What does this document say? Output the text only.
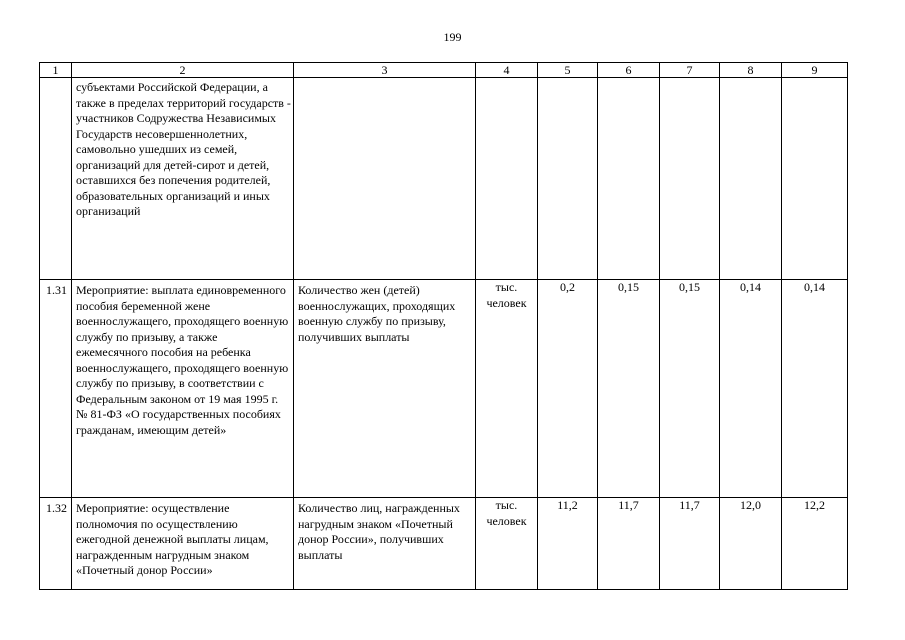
199
1	2	3	4	5	6	7	8	9
	субъектами Российской Федерации, а также в пределах территорий государств - участников Содружества Независимых Государств несовершеннолетних, самовольно ушедших из семей, организаций для детей-сирот и детей, оставшихся без попечения родителей, образовательных организаций и иных организаций							
1.31	Мероприятие: выплата единовременного пособия беременной жене военнослужащего, проходящего военную службу по призыву, а также ежемесячного пособия на ребенка военнослужащего, проходящего военную службу по призыву, в соответствии с Федеральным законом от 19 мая 1995 г. № 81-ФЗ «О государственных пособиях гражданам, имеющим детей»	Количество жен (детей) военнослужащих, проходящих военную службу по призыву, получивших выплаты	тыс. человек	0,2	0,15	0,15	0,14	0,14
1.32	Мероприятие: осуществление полномочия по осуществлению ежегодной денежной выплаты лицам, награжденным нагрудным знаком «Почетный донор России»	Количество лиц, награжденных нагрудным знаком «Почетный донор России», получивших выплаты	тыс. человек	11,2	11,7	11,7	12,0	12,2
